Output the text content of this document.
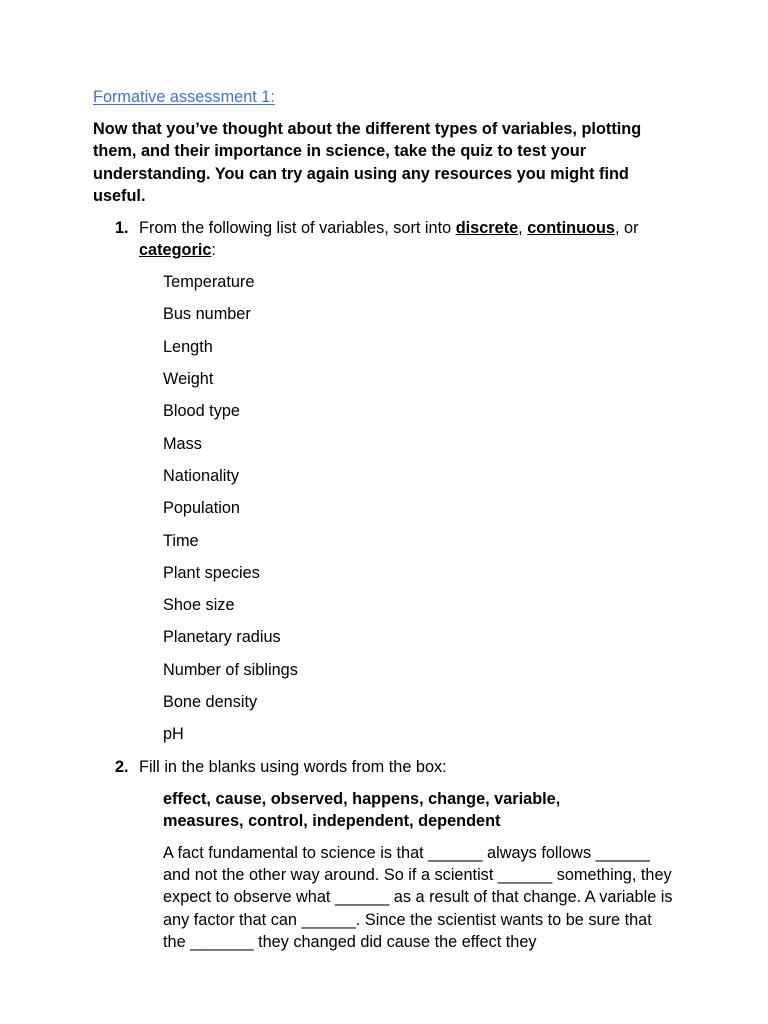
Formative assessment 1:

Now that you’ve thought about the different types of variables, plotting them, and their importance in science, take the quiz to test your understanding. You can try again using any resources you might find useful.

1. From the following list of variables, sort into discrete, continuous, or categoric:
Temperature
Bus number
Length
Weight
Blood type
Mass
Nationality
Population
Time
Plant species
Shoe size
Planetary radius
Number of siblings
Bone density
pH
2. Fill in the blanks using words from the box:
effect, cause, observed, happens, change, variable, measures, control, independent, dependent

A fact fundamental to science is that ______ always follows ______ and not the other way around. So if a scientist ______ something, they expect to observe what ______ as a result of that change. A variable is any factor that can ______. Since the scientist wants to be sure that the _______ they changed did cause the effect they
